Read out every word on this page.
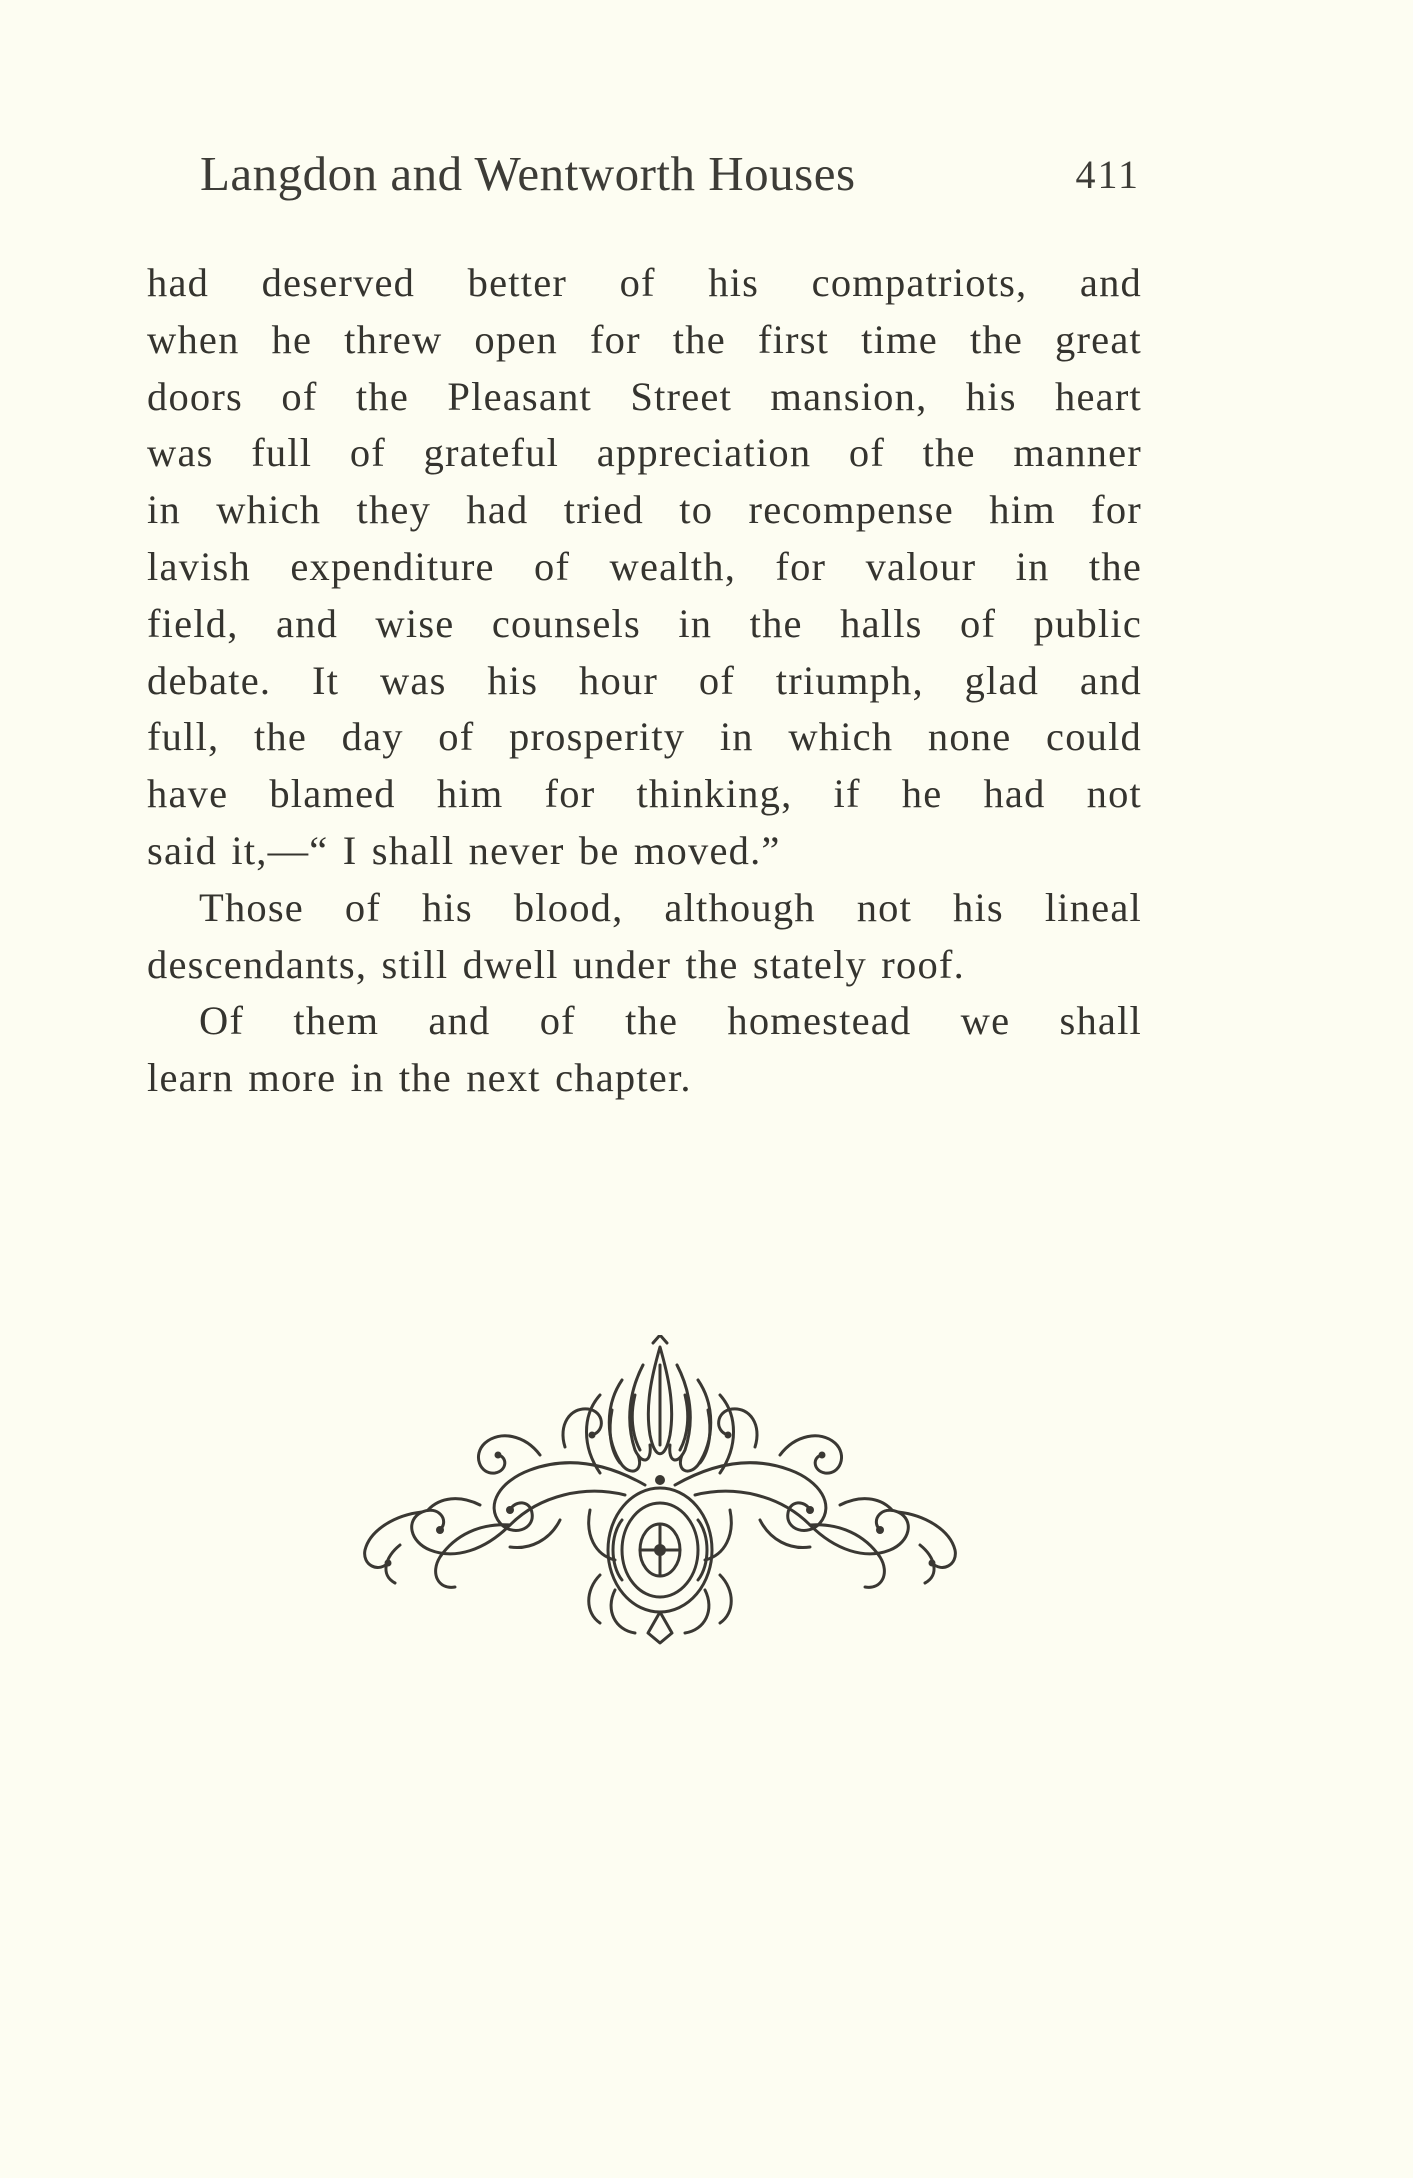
Langdon and Wentworth Houses	411
had deserved better of his compatriots, and
when he threw open for the first time the great
doors of the Pleasant Street mansion, his heart
was full of grateful appreciation of the manner
in which they had tried to recompense him for
lavish expenditure of wealth, for valour in the
field, and wise counsels in the halls of public
debate. It was his hour of triumph, glad and
full, the day of prosperity in which none could
have blamed him for thinking, if he had not
said it,—“ I shall never be moved.”
Those of his blood, although not his lineal
descendants, still dwell under the stately roof.
Of them and of the homestead we shall
learn more in the next chapter.
